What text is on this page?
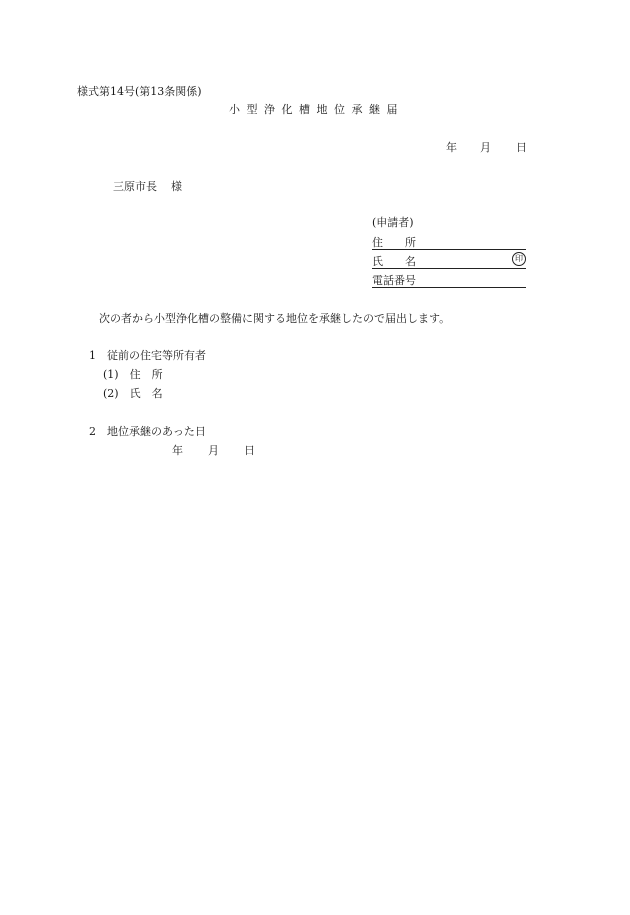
様式第14号(第13条関係)
小型浄化槽地位承継届
年 月 日
三原市長 様
(申請者)
住　　所
氏　　名	印
電話番号
次の者から小型浄化槽の整備に関する地位を承継したので届出します。
1　従前の住宅等所有者
(1)　住　所
(2)　氏　名
2　地位承継のあった日
年 月 日
